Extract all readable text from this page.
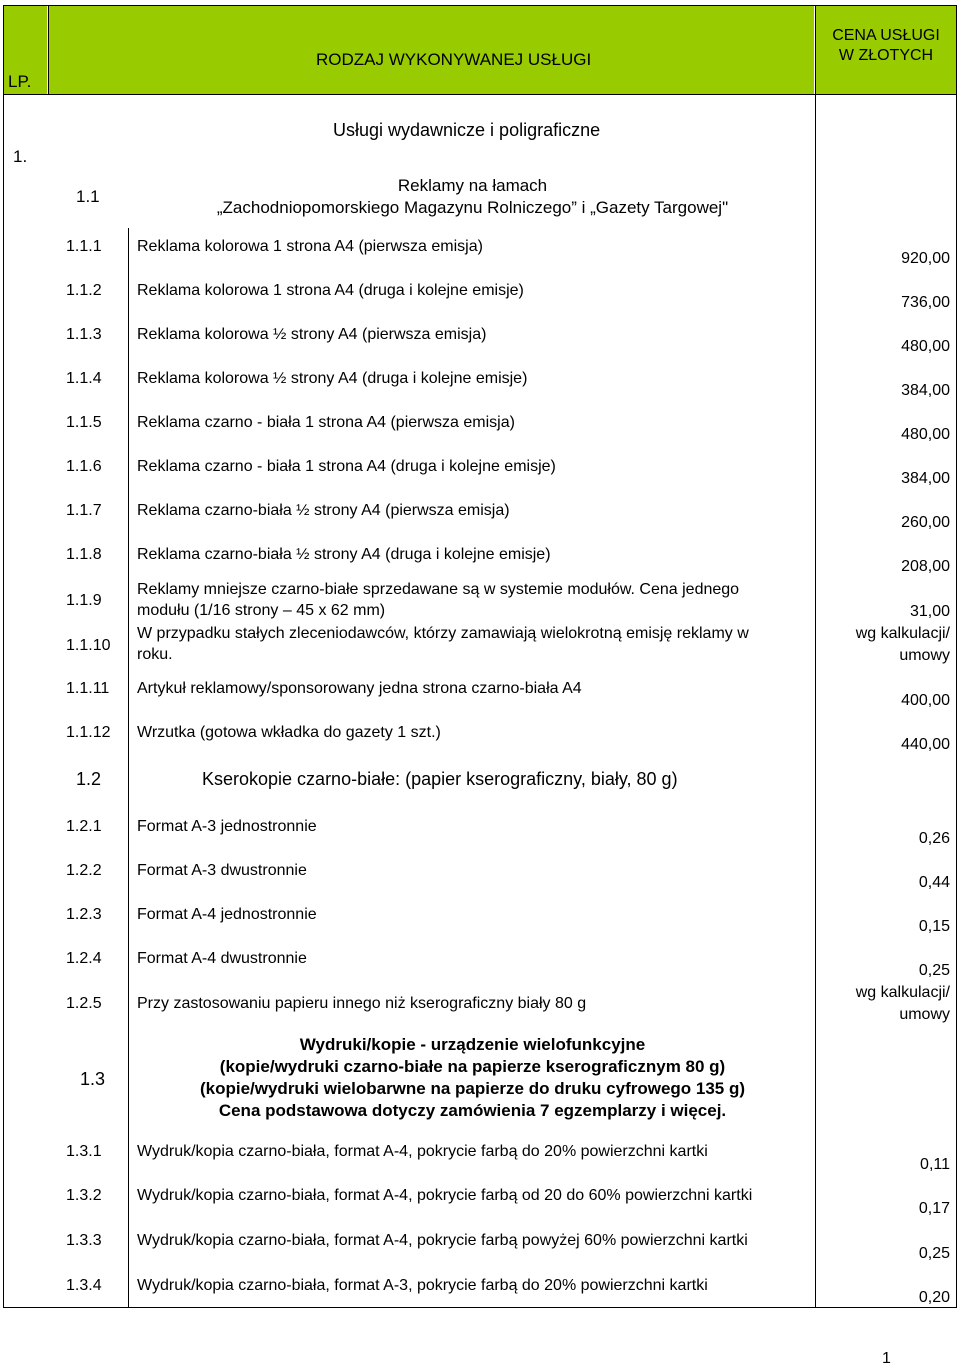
LP.
RODZAJ WYKONYWANEJ USŁUGI
CENA USŁUGI
W ZŁOTYCH
1.
Usługi wydawnicze i poligraficzne
1.1
Reklamy na łamach
„Zachodniopomorskiego Magazynu Rolniczego” i „Gazety Targowej"
1.1.1 Reklama kolorowa 1 strona A4 (pierwsza emisja)
920,00
1.1.2 Reklama kolorowa 1 strona A4 (druga i kolejne emisje)
736,00
1.1.3 Reklama kolorowa ½ strony A4 (pierwsza emisja)
480,00
1.1.4 Reklama kolorowa ½ strony A4 (druga i kolejne emisje)
384,00
1.1.5 Reklama czarno - biała 1 strona A4 (pierwsza emisja)
480,00
1.1.6 Reklama czarno - biała 1 strona A4 (druga i kolejne emisje)
384,00
1.1.7 Reklama czarno-biała ½ strony A4 (pierwsza emisja)
260,00
1.1.8 Reklama czarno-biała ½ strony A4 (druga i kolejne emisje)
208,00
1.1.9
Reklamy mniejsze czarno-białe sprzedawane są w systemie modułów. Cena jednego
modułu (1/16 strony – 45 x 62 mm)	31,00
1.1.10
W przypadku stałych zleceniodawców, którzy zamawiają wielokrotną emisję reklamy w
roku.
wg kalkulacji/
umowy
1.1.11 Artykuł reklamowy/sponsorowany jedna strona czarno-biała A4
400,00
1.1.12 Wrzutka (gotowa wkładka do gazety 1 szt.)
440,00
1.2	Kserokopie czarno-białe: (papier kserograficzny, biały, 80 g)
1.2.1 Format A-3 jednostronnie
0,26
1.2.2 Format A-3 dwustronnie
0,44
1.2.3 Format A-4 jednostronnie
0,15
1.2.4 Format A-4 dwustronnie
0,25
1.2.5 Przy zastosowaniu papieru innego niż kserograficzny biały 80 g
wg kalkulacji/
umowy
1.3
Wydruki/kopie - urządzenie wielofunkcyjne
(kopie/wydruki czarno-białe na papierze kserograficznym 80 g)
(kopie/wydruki wielobarwne na papierze do druku cyfrowego 135 g)
Cena podstawowa dotyczy zamówienia 7 egzemplarzy i więcej.
1.3.1 Wydruk/kopia czarno-biała, format A-4, pokrycie farbą do 20% powierzchni kartki
0,11
1.3.2 Wydruk/kopia czarno-biała, format A-4, pokrycie farbą od 20 do 60% powierzchni kartki
0,17
1.3.3 Wydruk/kopia czarno-biała, format A-4, pokrycie farbą powyżej 60% powierzchni kartki
0,25
1.3.4 Wydruk/kopia czarno-biała, format A-3, pokrycie farbą do 20% powierzchni kartki
0,20
1
